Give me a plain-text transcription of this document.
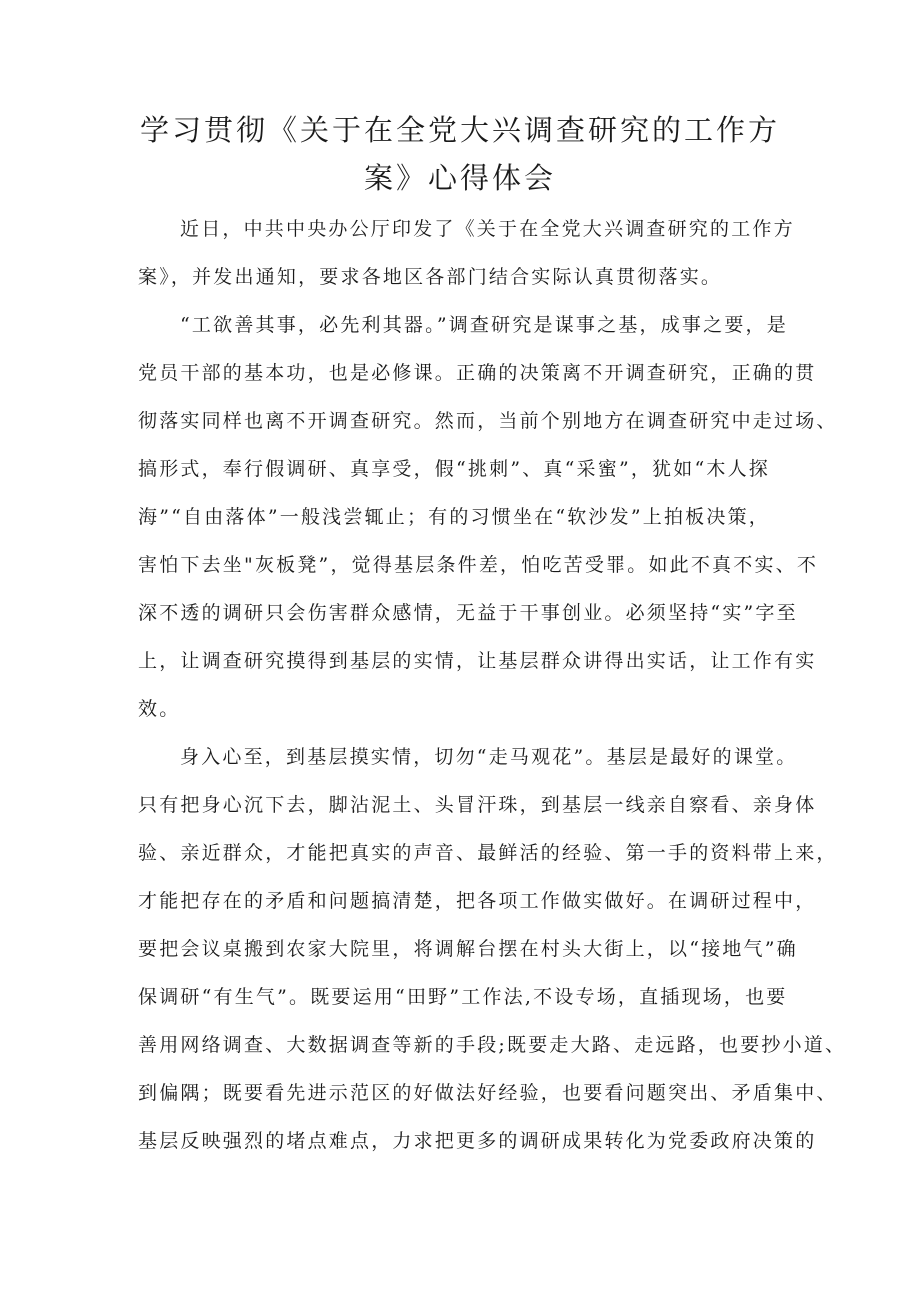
学习贯彻《关于在全党大兴调查研究的工作方
案》心得体会

近日，中共中央办公厅印发了《关于在全党大兴调查研究的工作方

案》，并发出通知，要求各地区各部门结合实际认真贯彻落实。

“工欲善其事，必先利其器。”调查研究是谋事之基，成事之要，是

党员干部的基本功，也是必修课。正确的决策离不开调查研究，正确的贯

彻落实同样也离不开调查研究。然而，当前个别地方在调查研究中走过场、

搞形式，奉行假调研、真享受，假“挑刺”、真“采蜜”，犹如“木人探

海”“自由落体”一般浅尝辄止；有的习惯坐在“软沙发”上拍板决策，

害怕下去坐"灰板凳”，觉得基层条件差，怕吃苦受罪。如此不真不实、不

深不透的调研只会伤害群众感情，无益于干事创业。必须坚持“实”字至

上，让调查研究摸得到基层的实情，让基层群众讲得出实话，让工作有实

效。

身入心至，到基层摸实情，切勿“走马观花”。基层是最好的课堂。

只有把身心沉下去，脚沾泥土、头冒汗珠，到基层一线亲自察看、亲身体

验、亲近群众，才能把真实的声音、最鲜活的经验、第一手的资料带上来，

才能把存在的矛盾和问题搞清楚，把各项工作做实做好。在调研过程中，

要把会议桌搬到农家大院里，将调解台摆在村头大街上，以“接地气”确

保调研“有生气”。既要运用“田野”工作法,不设专场，直插现场，也要

善用网络调查、大数据调查等新的手段;既要走大路、走远路，也要抄小道、

到偏隅；既要看先进示范区的好做法好经验，也要看问题突出、矛盾集中、

基层反映强烈的堵点难点，力求把更多的调研成果转化为党委政府决策的
